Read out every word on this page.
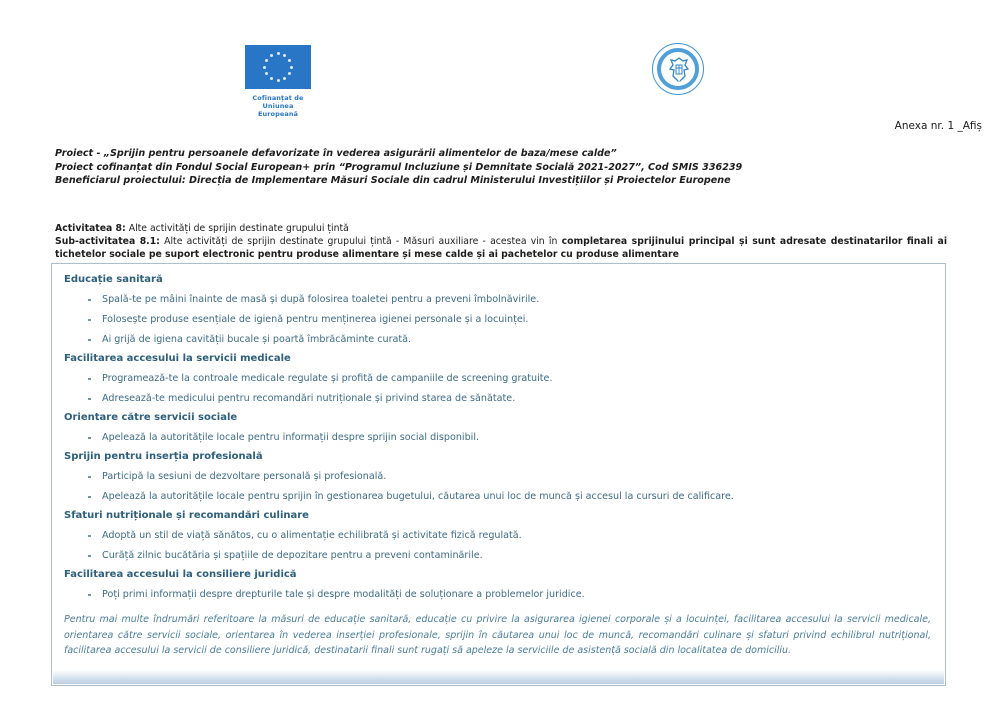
Cofinanțat de
Uniunea Europeană
GUVERNUL
ROMÂNIEI
Anexa nr. 1 _Afiș
Proiect - „Sprijin pentru persoanele defavorizate în vederea asigurării alimentelor de baza/mese calde”
Proiect cofinanțat din Fondul Social European+ prin “Programul Incluziune și Demnitate Socială 2021-2027”, Cod SMIS 336239
Beneficiarul proiectului: Direcția de Implementare Măsuri Sociale din cadrul Ministerului Investițiilor și Proiectelor Europene
Activitatea 8: Alte activități de sprijin destinate grupului țintă
Sub-activitatea 8.1: Alte activități de sprijin destinate grupului țintă - Măsuri auxiliare - acestea vin în completarea sprijinului principal și sunt adresate destinatarilor finali ai tichetelor sociale pe suport electronic pentru produse alimentare și mese calde și ai pachetelor cu produse alimentare
Educație sanitară
Spală-te pe mâini înainte de masă și după folosirea toaletei pentru a preveni îmbolnăvirile.
Folosește produse esențiale de igienă pentru menținerea igienei personale și a locuinței.
Ai grijă de igiena cavității bucale și poartă îmbrăcăminte curată.
Facilitarea accesului la servicii medicale
Programează-te la controale medicale regulate și profită de campaniile de screening gratuite.
Adresează-te medicului pentru recomandări nutriționale și privind starea de sănătate.
Orientare către servicii sociale
Apelează la autoritățile locale pentru informații despre sprijin social disponibil.
Sprijin pentru inserția profesională
Participă la sesiuni de dezvoltare personală și profesională.
Apelează la autoritățile locale pentru sprijin în gestionarea bugetului, căutarea unui loc de muncă și accesul la cursuri de calificare.
Sfaturi nutriționale și recomandări culinare
Adoptă un stil de viață sănătos, cu o alimentație echilibrată și activitate fizică regulată.
Curăță zilnic bucătăria și spațiile de depozitare pentru a preveni contaminările.
Facilitarea accesului la consiliere juridică
Poți primi informații despre drepturile tale și despre modalități de soluționare a problemelor juridice.
Pentru mai multe îndrumări referitoare la măsuri de educație sanitară, educație cu privire la asigurarea igienei corporale și a locuinței, facilitarea accesului la servicii medicale, orientarea către servicii sociale, orientarea în vederea inserției profesionale, sprijin în căutarea unui loc de muncă, recomandări culinare și sfaturi privind echilibrul nutrițional, facilitarea accesului la servicii de consiliere juridică, destinatarii finali sunt rugați să apeleze la serviciile de asistență socială din localitatea de domiciliu.
